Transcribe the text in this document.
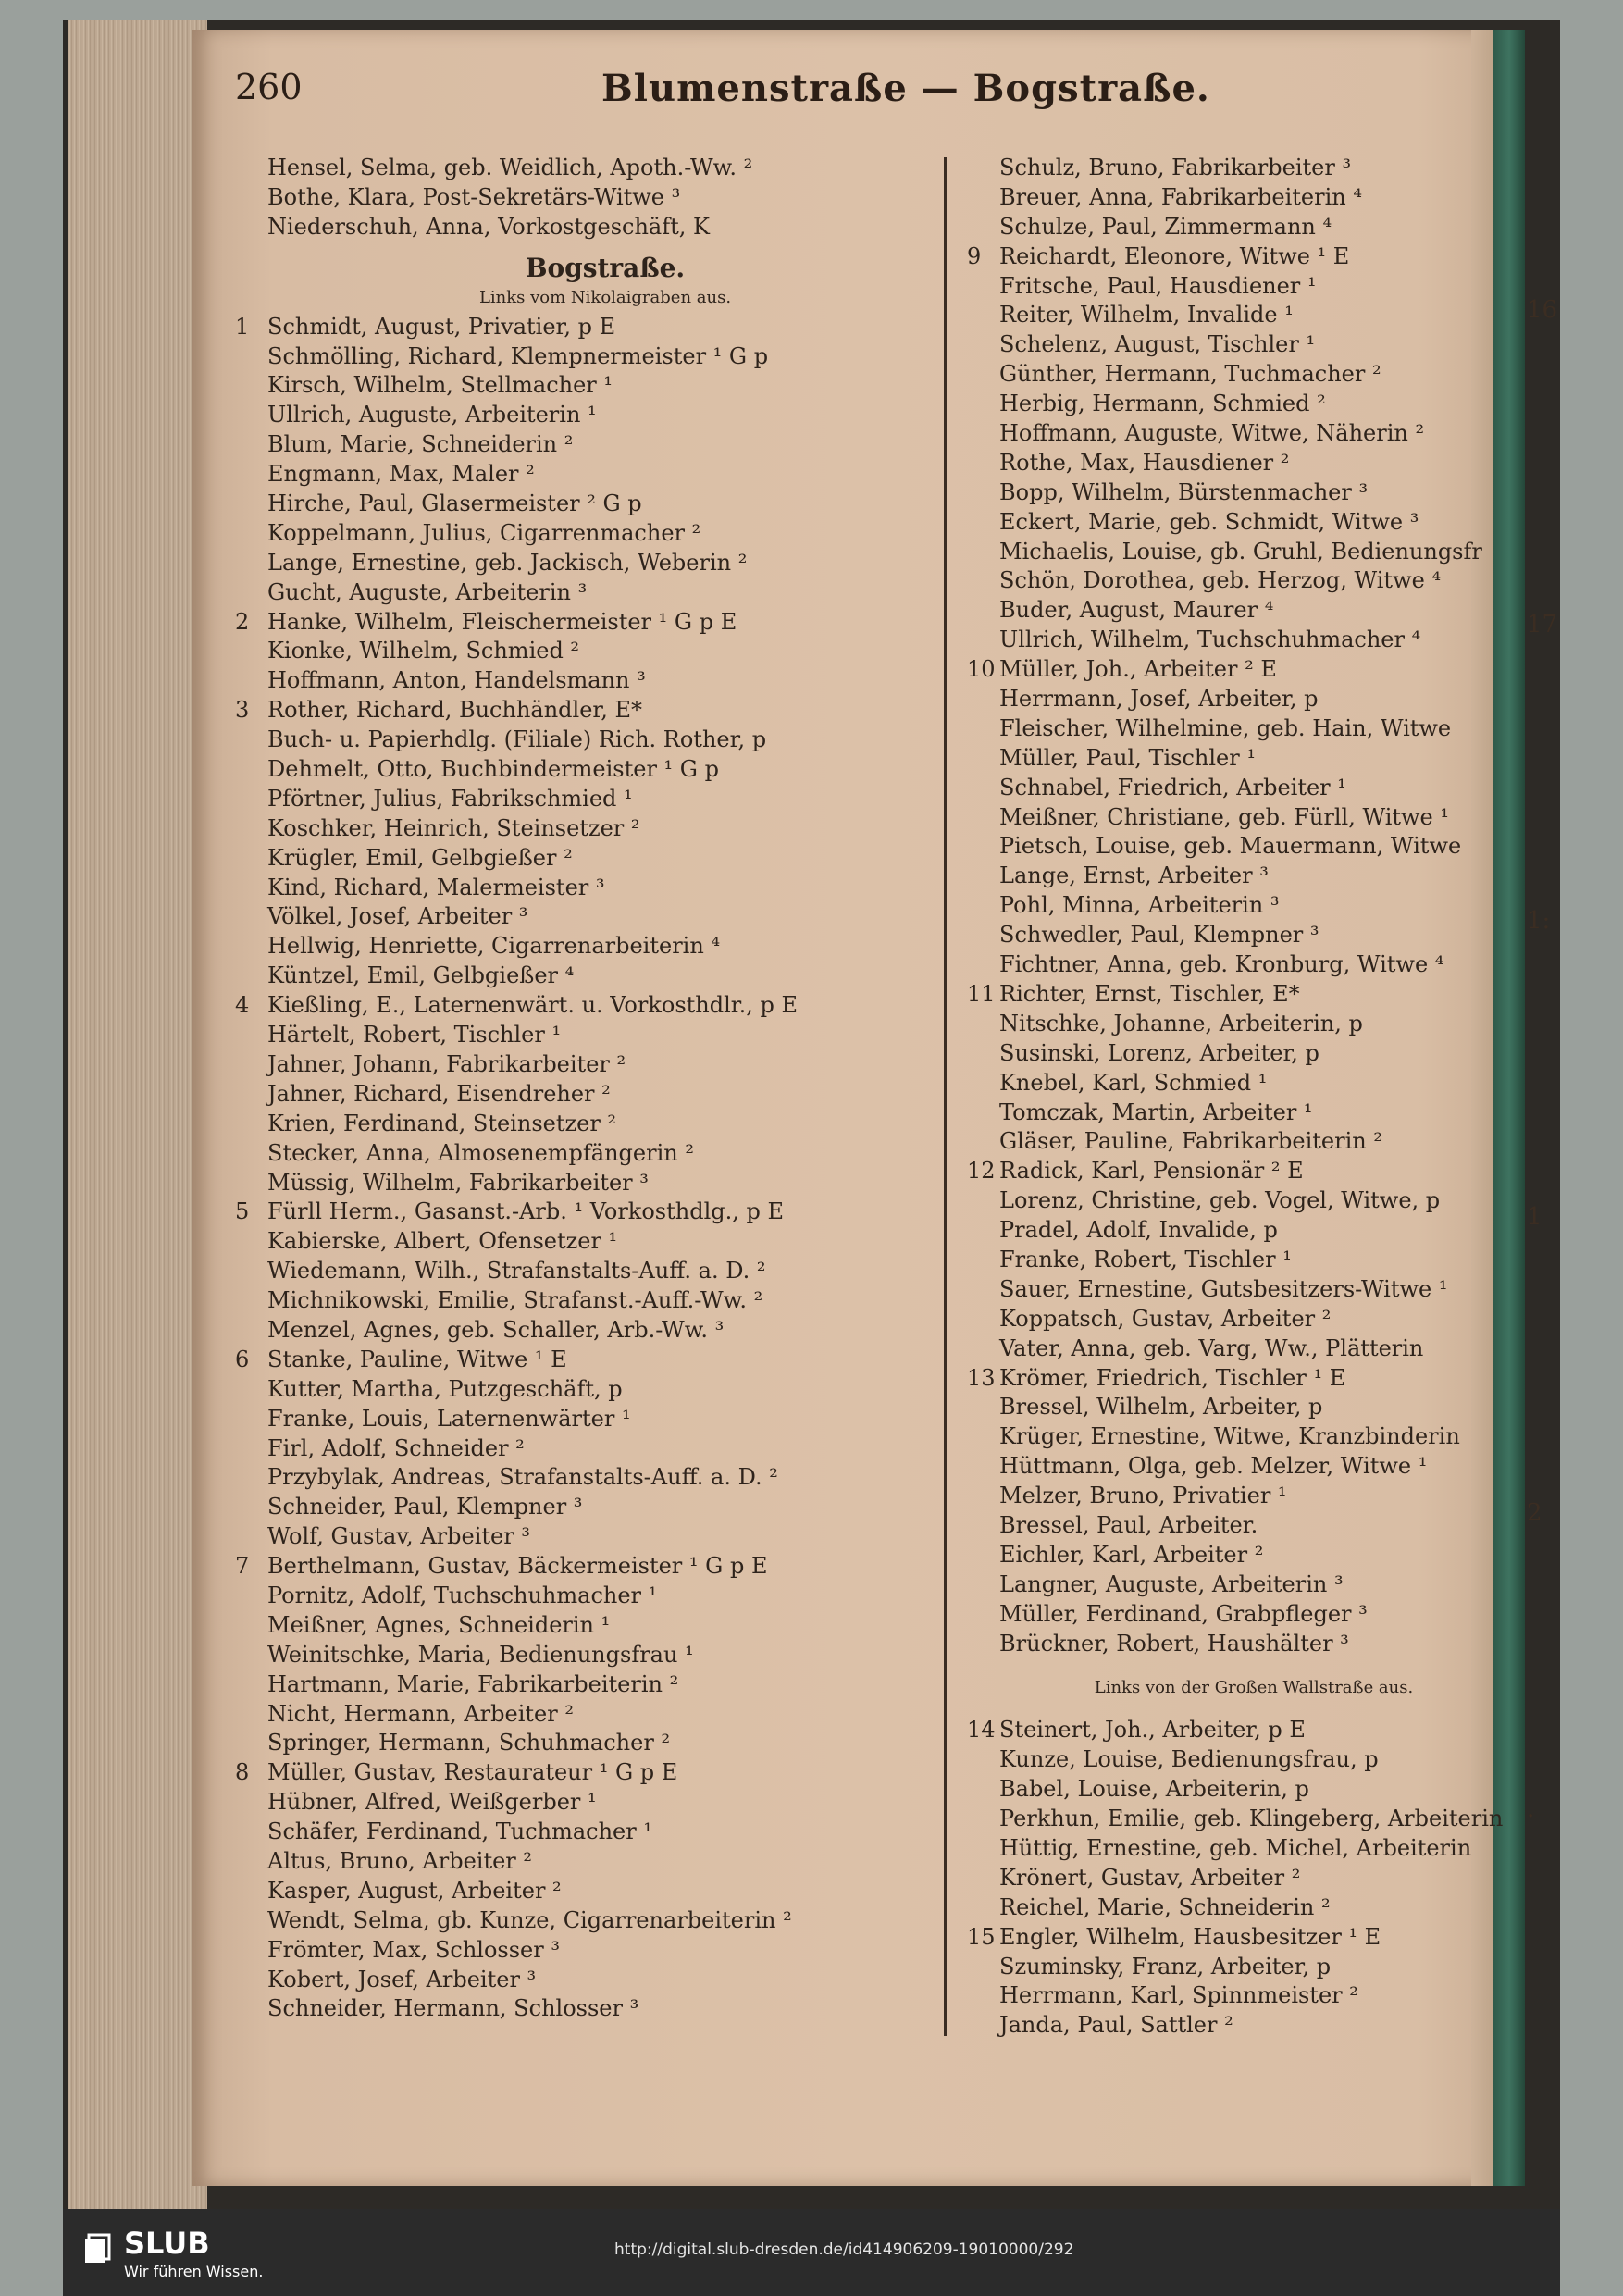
260	Blumenstraße — Bogstraße.
Hensel, Selma, geb. Weidlich, Apoth.-Ww. ²
Bothe, Klara, Post-Sekretärs-Witwe ³
Niederschuh, Anna, Vorkostgeschäft, K
Bogstraße.
Links vom Nikolaigraben aus.
1 Schmidt, August, Privatier, p E
Schmölling, Richard, Klempnermeister ¹ G p
Kirsch, Wilhelm, Stellmacher ¹
Ullrich, Auguste, Arbeiterin ¹
Blum, Marie, Schneiderin ²
Engmann, Max, Maler ²
Hirche, Paul, Glasermeister ² G p
Koppelmann, Julius, Cigarrenmacher ²
Lange, Ernestine, geb. Jackisch, Weberin ²
Gucht, Auguste, Arbeiterin ³
2 Hanke, Wilhelm, Fleischermeister ¹ G p E
Kionke, Wilhelm, Schmied ²
Hoffmann, Anton, Handelsmann ³
3 Rother, Richard, Buchhändler, E*
Buch- u. Papierhdlg. (Filiale) Rich. Rother, p
Dehmelt, Otto, Buchbindermeister ¹ G p
Pförtner, Julius, Fabrikschmied ¹
Koschker, Heinrich, Steinsetzer ²
Krügler, Emil, Gelbgießer ²
Kind, Richard, Malermeister ³
Völkel, Josef, Arbeiter ³
Hellwig, Henriette, Cigarrenarbeiterin ⁴
Küntzel, Emil, Gelbgießer ⁴
4 Kießling, E., Laternenwärt. u. Vorkosthdlr., p E
Härtelt, Robert, Tischler ¹
Jahner, Johann, Fabrikarbeiter ²
Jahner, Richard, Eisendreher ²
Krien, Ferdinand, Steinsetzer ²
Stecker, Anna, Almosenempfängerin ²
Müssig, Wilhelm, Fabrikarbeiter ³
5 Fürll Herm., Gasanst.-Arb. ¹ Vorkosthdlg., p E
Kabierske, Albert, Ofensetzer ¹
Wiedemann, Wilh., Strafanstalts-Auff. a. D. ²
Michnikowski, Emilie, Strafanst.-Auff.-Ww. ²
Menzel, Agnes, geb. Schaller, Arb.-Ww. ³
6 Stanke, Pauline, Witwe ¹ E
Kutter, Martha, Putzgeschäft, p
Franke, Louis, Laternenwärter ¹
Firl, Adolf, Schneider ²
Przybylak, Andreas, Strafanstalts-Auff. a. D. ²
Schneider, Paul, Klempner ³
Wolf, Gustav, Arbeiter ³
7 Berthelmann, Gustav, Bäckermeister ¹ G p E
Pornitz, Adolf, Tuchschuhmacher ¹
Meißner, Agnes, Schneiderin ¹
Weinitschke, Maria, Bedienungsfrau ¹
Hartmann, Marie, Fabrikarbeiterin ²
Nicht, Hermann, Arbeiter ²
Springer, Hermann, Schuhmacher ²
8 Müller, Gustav, Restaurateur ¹ G p E
Hübner, Alfred, Weißgerber ¹
Schäfer, Ferdinand, Tuchmacher ¹
Altus, Bruno, Arbeiter ²
Kasper, August, Arbeiter ²
Wendt, Selma, gb. Kunze, Cigarrenarbeiterin ²
Frömter, Max, Schlosser ³
Kobert, Josef, Arbeiter ³
Schneider, Hermann, Schlosser ³
Schulz, Bruno, Fabrikarbeiter ³
Breuer, Anna, Fabrikarbeiterin ⁴
Schulze, Paul, Zimmermann ⁴
9 Reichardt, Eleonore, Witwe ¹ E
Fritsche, Paul, Hausdiener ¹
Reiter, Wilhelm, Invalide ¹
Schelenz, August, Tischler ¹
Günther, Hermann, Tuchmacher ²
Herbig, Hermann, Schmied ²
Hoffmann, Auguste, Witwe, Näherin ²
Rothe, Max, Hausdiener ²
Bopp, Wilhelm, Bürstenmacher ³
Eckert, Marie, geb. Schmidt, Witwe ³
Michaelis, Louise, gb. Gruhl, Bedienungsfr
Schön, Dorothea, geb. Herzog, Witwe ⁴
Buder, August, Maurer ⁴
Ullrich, Wilhelm, Tuchschuhmacher ⁴
10 Müller, Joh., Arbeiter ² E
Herrmann, Josef, Arbeiter, p
Fleischer, Wilhelmine, geb. Hain, Witwe
Müller, Paul, Tischler ¹
Schnabel, Friedrich, Arbeiter ¹
Meißner, Christiane, geb. Fürll, Witwe ¹
Pietsch, Louise, geb. Mauermann, Witwe
Lange, Ernst, Arbeiter ³
Pohl, Minna, Arbeiterin ³
Schwedler, Paul, Klempner ³
Fichtner, Anna, geb. Kronburg, Witwe ⁴
11 Richter, Ernst, Tischler, E*
Nitschke, Johanne, Arbeiterin, p
Susinski, Lorenz, Arbeiter, p
Knebel, Karl, Schmied ¹
Tomczak, Martin, Arbeiter ¹
Gläser, Pauline, Fabrikarbeiterin ²
12 Radick, Karl, Pensionär ² E
Lorenz, Christine, geb. Vogel, Witwe, p
Pradel, Adolf, Invalide, p
Franke, Robert, Tischler ¹
Sauer, Ernestine, Gutsbesitzers-Witwe ¹
Koppatsch, Gustav, Arbeiter ²
Vater, Anna, geb. Varg, Ww., Plätterin
13 Krömer, Friedrich, Tischler ¹ E
Bressel, Wilhelm, Arbeiter, p
Krüger, Ernestine, Witwe, Kranzbinderin
Hüttmann, Olga, geb. Melzer, Witwe ¹
Melzer, Bruno, Privatier ¹
Bressel, Paul, Arbeiter.
Eichler, Karl, Arbeiter ²
Langner, Auguste, Arbeiterin ³
Müller, Ferdinand, Grabpfleger ³
Brückner, Robert, Haushälter ³
Links von der Großen Wallstraße aus.
14 Steinert, Joh., Arbeiter, p E
Kunze, Louise, Bedienungsfrau, p
Babel, Louise, Arbeiterin, p
Perkhun, Emilie, geb. Klingeberg, Arbeiterin
Hüttig, Ernestine, geb. Michel, Arbeiterin
Krönert, Gustav, Arbeiter ²
Reichel, Marie, Schneiderin ²
15 Engler, Wilhelm, Hausbesitzer ¹ E
Szuminsky, Franz, Arbeiter, p
Herrmann, Karl, Spinnmeister ²
Janda, Paul, Sattler ²
16
17
1:
1
2
.
SLUB
Wir führen Wissen.
http://digital.slub-dresden.de/id414906209-19010000/292
